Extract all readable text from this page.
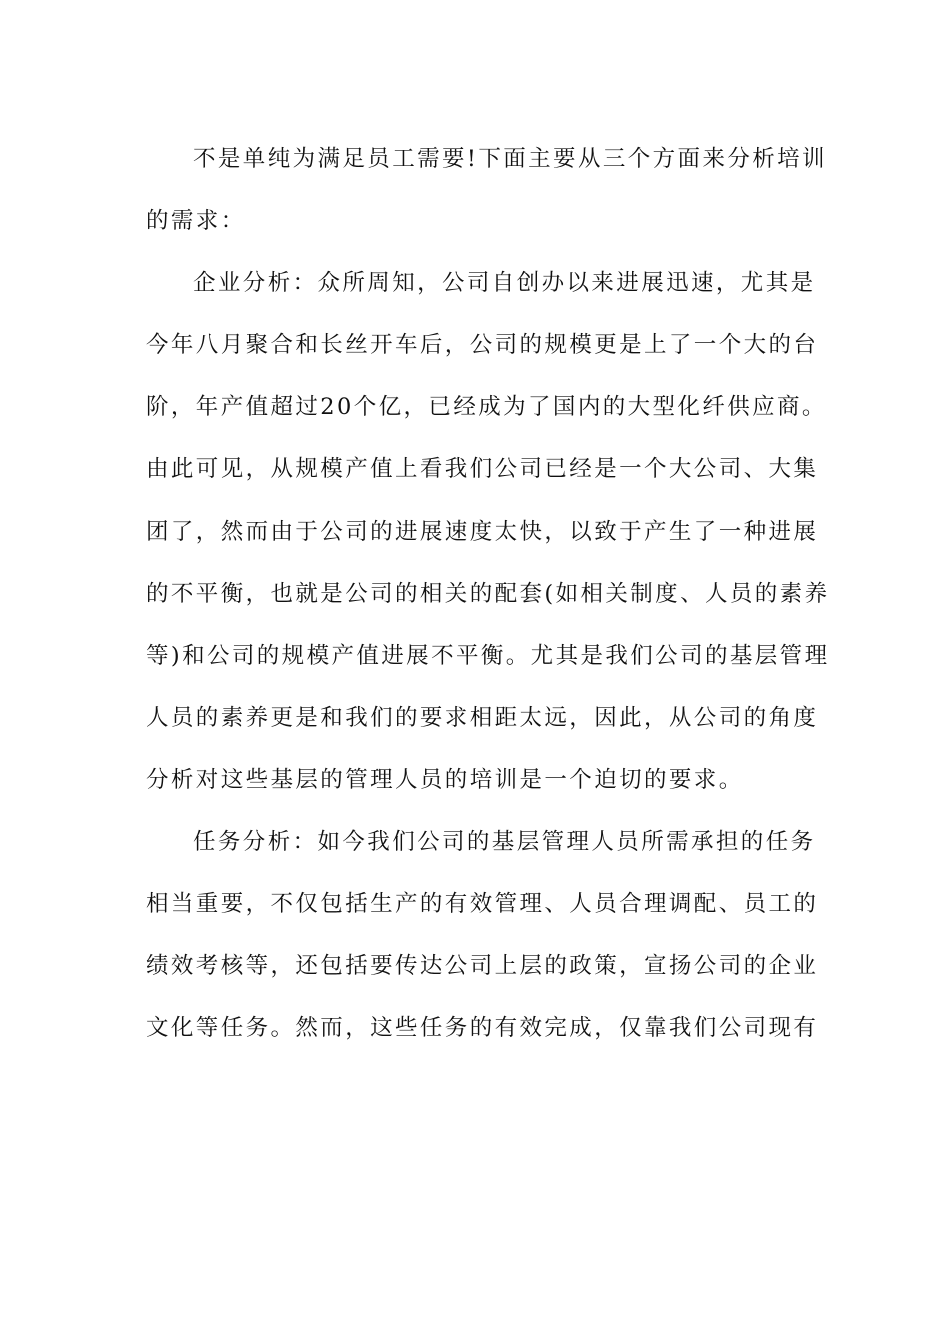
不是单纯为满足员工需要!下面主要从三个方面来分析培训
的需求：
企业分析：众所周知，公司自创办以来进展迅速，尤其是
今年八月聚合和长丝开车后，公司的规模更是上了一个大的台
阶，年产值超过20个亿，已经成为了国内的大型化纤供应商。
由此可见，从规模产值上看我们公司已经是一个大公司、大集
团了，然而由于公司的进展速度太快，以致于产生了一种进展
的不平衡，也就是公司的相关的配套(如相关制度、人员的素养
等)和公司的规模产值进展不平衡。尤其是我们公司的基层管理
人员的素养更是和我们的要求相距太远，因此，从公司的角度
分析对这些基层的管理人员的培训是一个迫切的要求。
任务分析：如今我们公司的基层管理人员所需承担的任务
相当重要，不仅包括生产的有效管理、人员合理调配、员工的
绩效考核等，还包括要传达公司上层的政策，宣扬公司的企业
文化等任务。然而，这些任务的有效完成，仅靠我们公司现有
